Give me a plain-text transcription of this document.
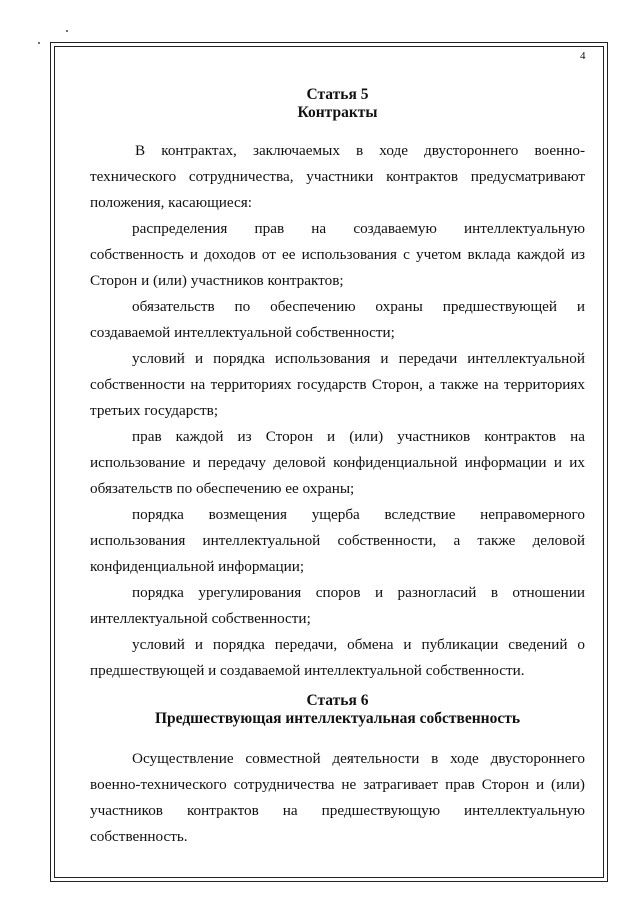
4
Статья 5
Контракты

В контрактах, заключаемых в ходе двустороннего военно-технического сотрудничества, участники контрактов предусматривают положения, касающиеся:

распределения прав на создаваемую интеллектуальную собственность и доходов от ее использования с учетом вклада каждой из Сторон и (или) участников контрактов;

обязательств по обеспечению охраны предшествующей и создаваемой интеллектуальной собственности;

условий и порядка использования и передачи интеллектуальной собственности на территориях государств Сторон, а также на территориях третьих государств;

прав каждой из Сторон и (или) участников контрактов на использование и передачу деловой конфиденциальной информации и их обязательств по обеспечению ее охраны;

порядка возмещения ущерба вследствие неправомерного использования интеллектуальной собственности, а также деловой конфиденциальной информации;

порядка урегулирования споров и разногласий в отношении интеллектуальной собственности;

условий и порядка передачи, обмена и публикации сведений о предшествующей и создаваемой интеллектуальной собственности.

Статья 6
Предшествующая интеллектуальная собственность

Осуществление совместной деятельности в ходе двустороннего военно-технического сотрудничества не затрагивает прав Сторон и (или) участников контрактов на предшествующую интеллектуальную собственность.
